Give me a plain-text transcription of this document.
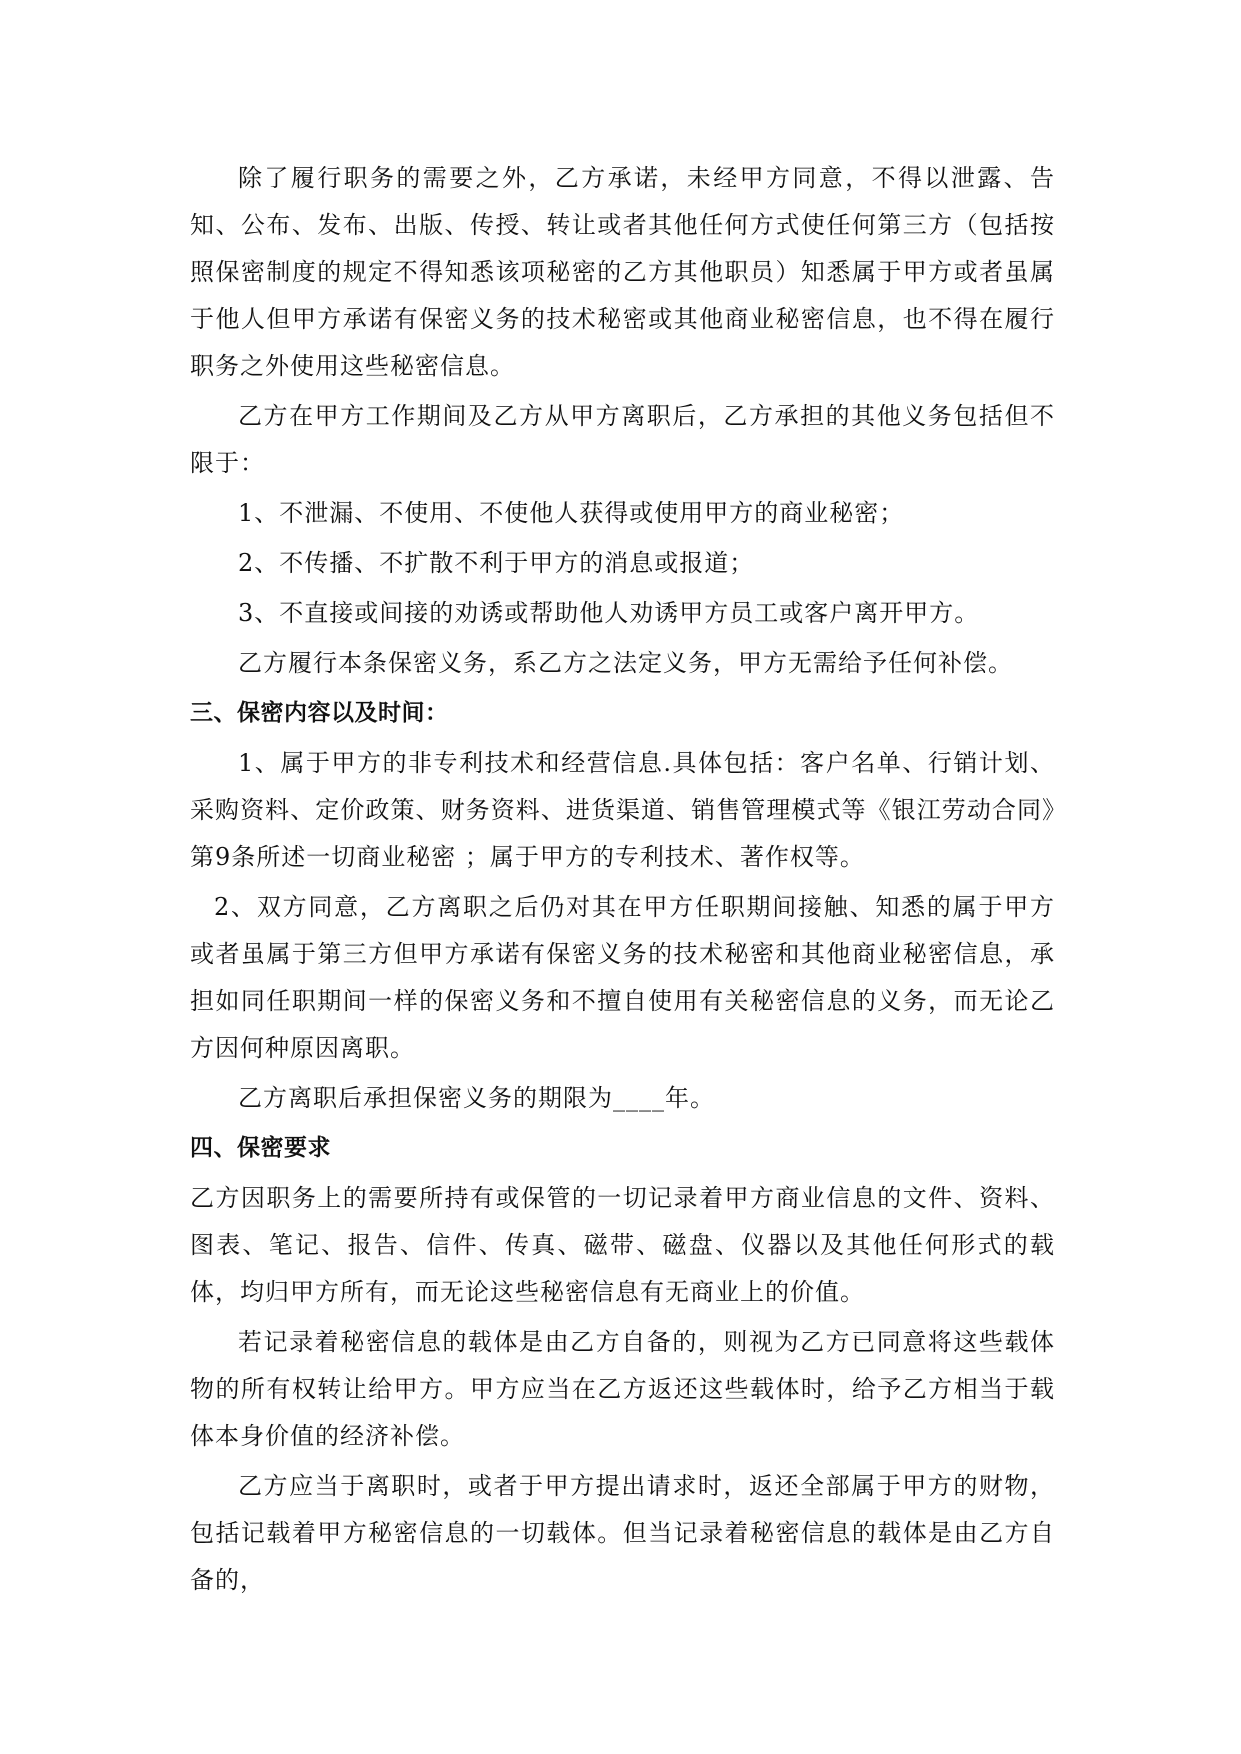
除了履行职务的需要之外，乙方承诺，未经甲方同意，不得以泄露、告知、公布、发布、出版、传授、转让或者其他任何方式使任何第三方（包括按照保密制度的规定不得知悉该项秘密的乙方其他职员）知悉属于甲方或者虽属于他人但甲方承诺有保密义务的技术秘密或其他商业秘密信息，也不得在履行职务之外使用这些秘密信息。

乙方在甲方工作期间及乙方从甲方离职后，乙方承担的其他义务包括但不限于：

1、不泄漏、不使用、不使他人获得或使用甲方的商业秘密；

2、不传播、不扩散不利于甲方的消息或报道；

3、不直接或间接的劝诱或帮助他人劝诱甲方员工或客户离开甲方。

乙方履行本条保密义务，系乙方之法定义务，甲方无需给予任何补偿。

三、保密内容以及时间：

1、属于甲方的非专利技术和经营信息.具体包括：客户名单、行销计划、采购资料、定价政策、财务资料、进货渠道、销售管理模式等《银江劳动合同》第9条所述一切商业秘密 ；属于甲方的专利技术、著作权等。

2、双方同意，乙方离职之后仍对其在甲方任职期间接触、知悉的属于甲方或者虽属于第三方但甲方承诺有保密义务的技术秘密和其他商业秘密信息，承担如同任职期间一样的保密义务和不擅自使用有关秘密信息的义务，而无论乙方因何种原因离职。

乙方离职后承担保密义务的期限为____年。

四、保密要求

乙方因职务上的需要所持有或保管的一切记录着甲方商业信息的文件、资料、图表、笔记、报告、信件、传真、磁带、磁盘、仪器以及其他任何形式的载体，均归甲方所有，而无论这些秘密信息有无商业上的价值。

若记录着秘密信息的载体是由乙方自备的，则视为乙方已同意将这些载体物的所有权转让给甲方。甲方应当在乙方返还这些载体时，给予乙方相当于载体本身价值的经济补偿。

乙方应当于离职时，或者于甲方提出请求时，返还全部属于甲方的财物，包括记载着甲方秘密信息的一切载体。但当记录着秘密信息的载体是由乙方自备的，
